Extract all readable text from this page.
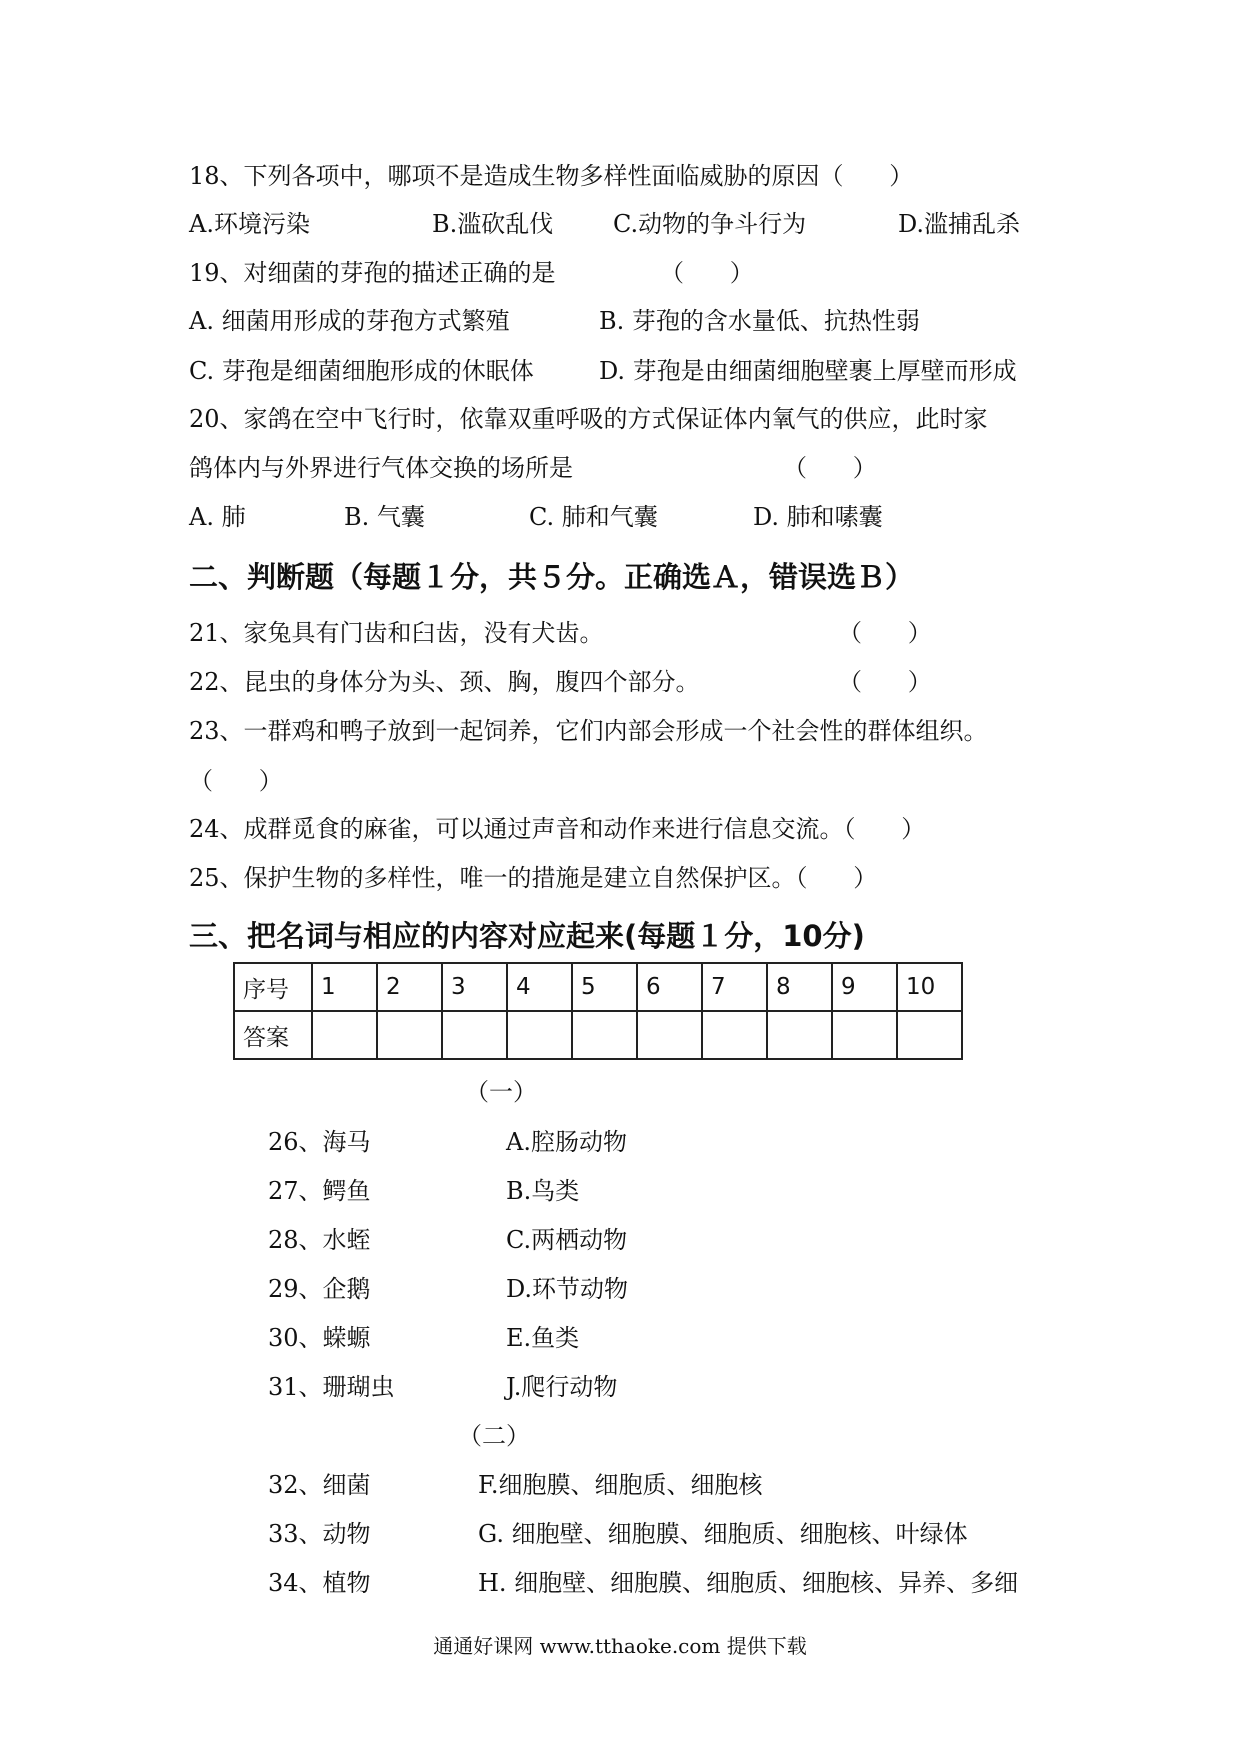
18、下列各项中，哪项不是造成生物多样性面临威胁的原因（      ）
A.环境污染	B.滥砍乱伐 C.动物的争斗行为	D.滥捕乱杀
19、对细菌的芽孢的描述正确的是	（      ）
A. 细菌用形成的芽孢方式繁殖	B. 芽孢的含水量低、抗热性弱
C. 芽孢是细菌细胞形成的休眠体	D. 芽孢是由细菌细胞壁裹上厚壁而形成
20、家鸽在空中飞行时，依靠双重呼吸的方式保证体内氧气的供应，此时家
鸽体内与外界进行气体交换的场所是	（      ）
A. 肺	B. 气囊	C. 肺和气囊	D. 肺和嗉囊
二、判断题（每题１分，共５分。正确选Ａ，错误选Ｂ）
21、家兔具有门齿和臼齿，没有犬齿。	（      ）
22、昆虫的身体分为头、颈、胸，腹四个部分。	（      ）
23、一群鸡和鸭子放到一起饲养，它们内部会形成一个社会性的群体组织。
（      ）
24、成群觅食的麻雀，可以通过声音和动作来进行信息交流。（      ）
25、保护生物的多样性，唯一的措施是建立自然保护区。（      ）
三、把名词与相应的内容对应起来(每题１分，10分)
序号	1	2	3	4	5	6	7	8	9	10
答案										
（一）
26、海马	A.腔肠动物
27、鳄鱼	B.鸟类
28、水蛭	C.两栖动物
29、企鹅	D.环节动物
30、蝾螈	E.鱼类
31、珊瑚虫	J.爬行动物
（二）
32、细菌	F.细胞膜、细胞质、细胞核
33、动物	G. 细胞壁、细胞膜、细胞质、细胞核、叶绿体
34、植物	H. 细胞壁、细胞膜、细胞质、细胞核、异养、多细
通通好课网 www.tthaoke.com 提供下载
